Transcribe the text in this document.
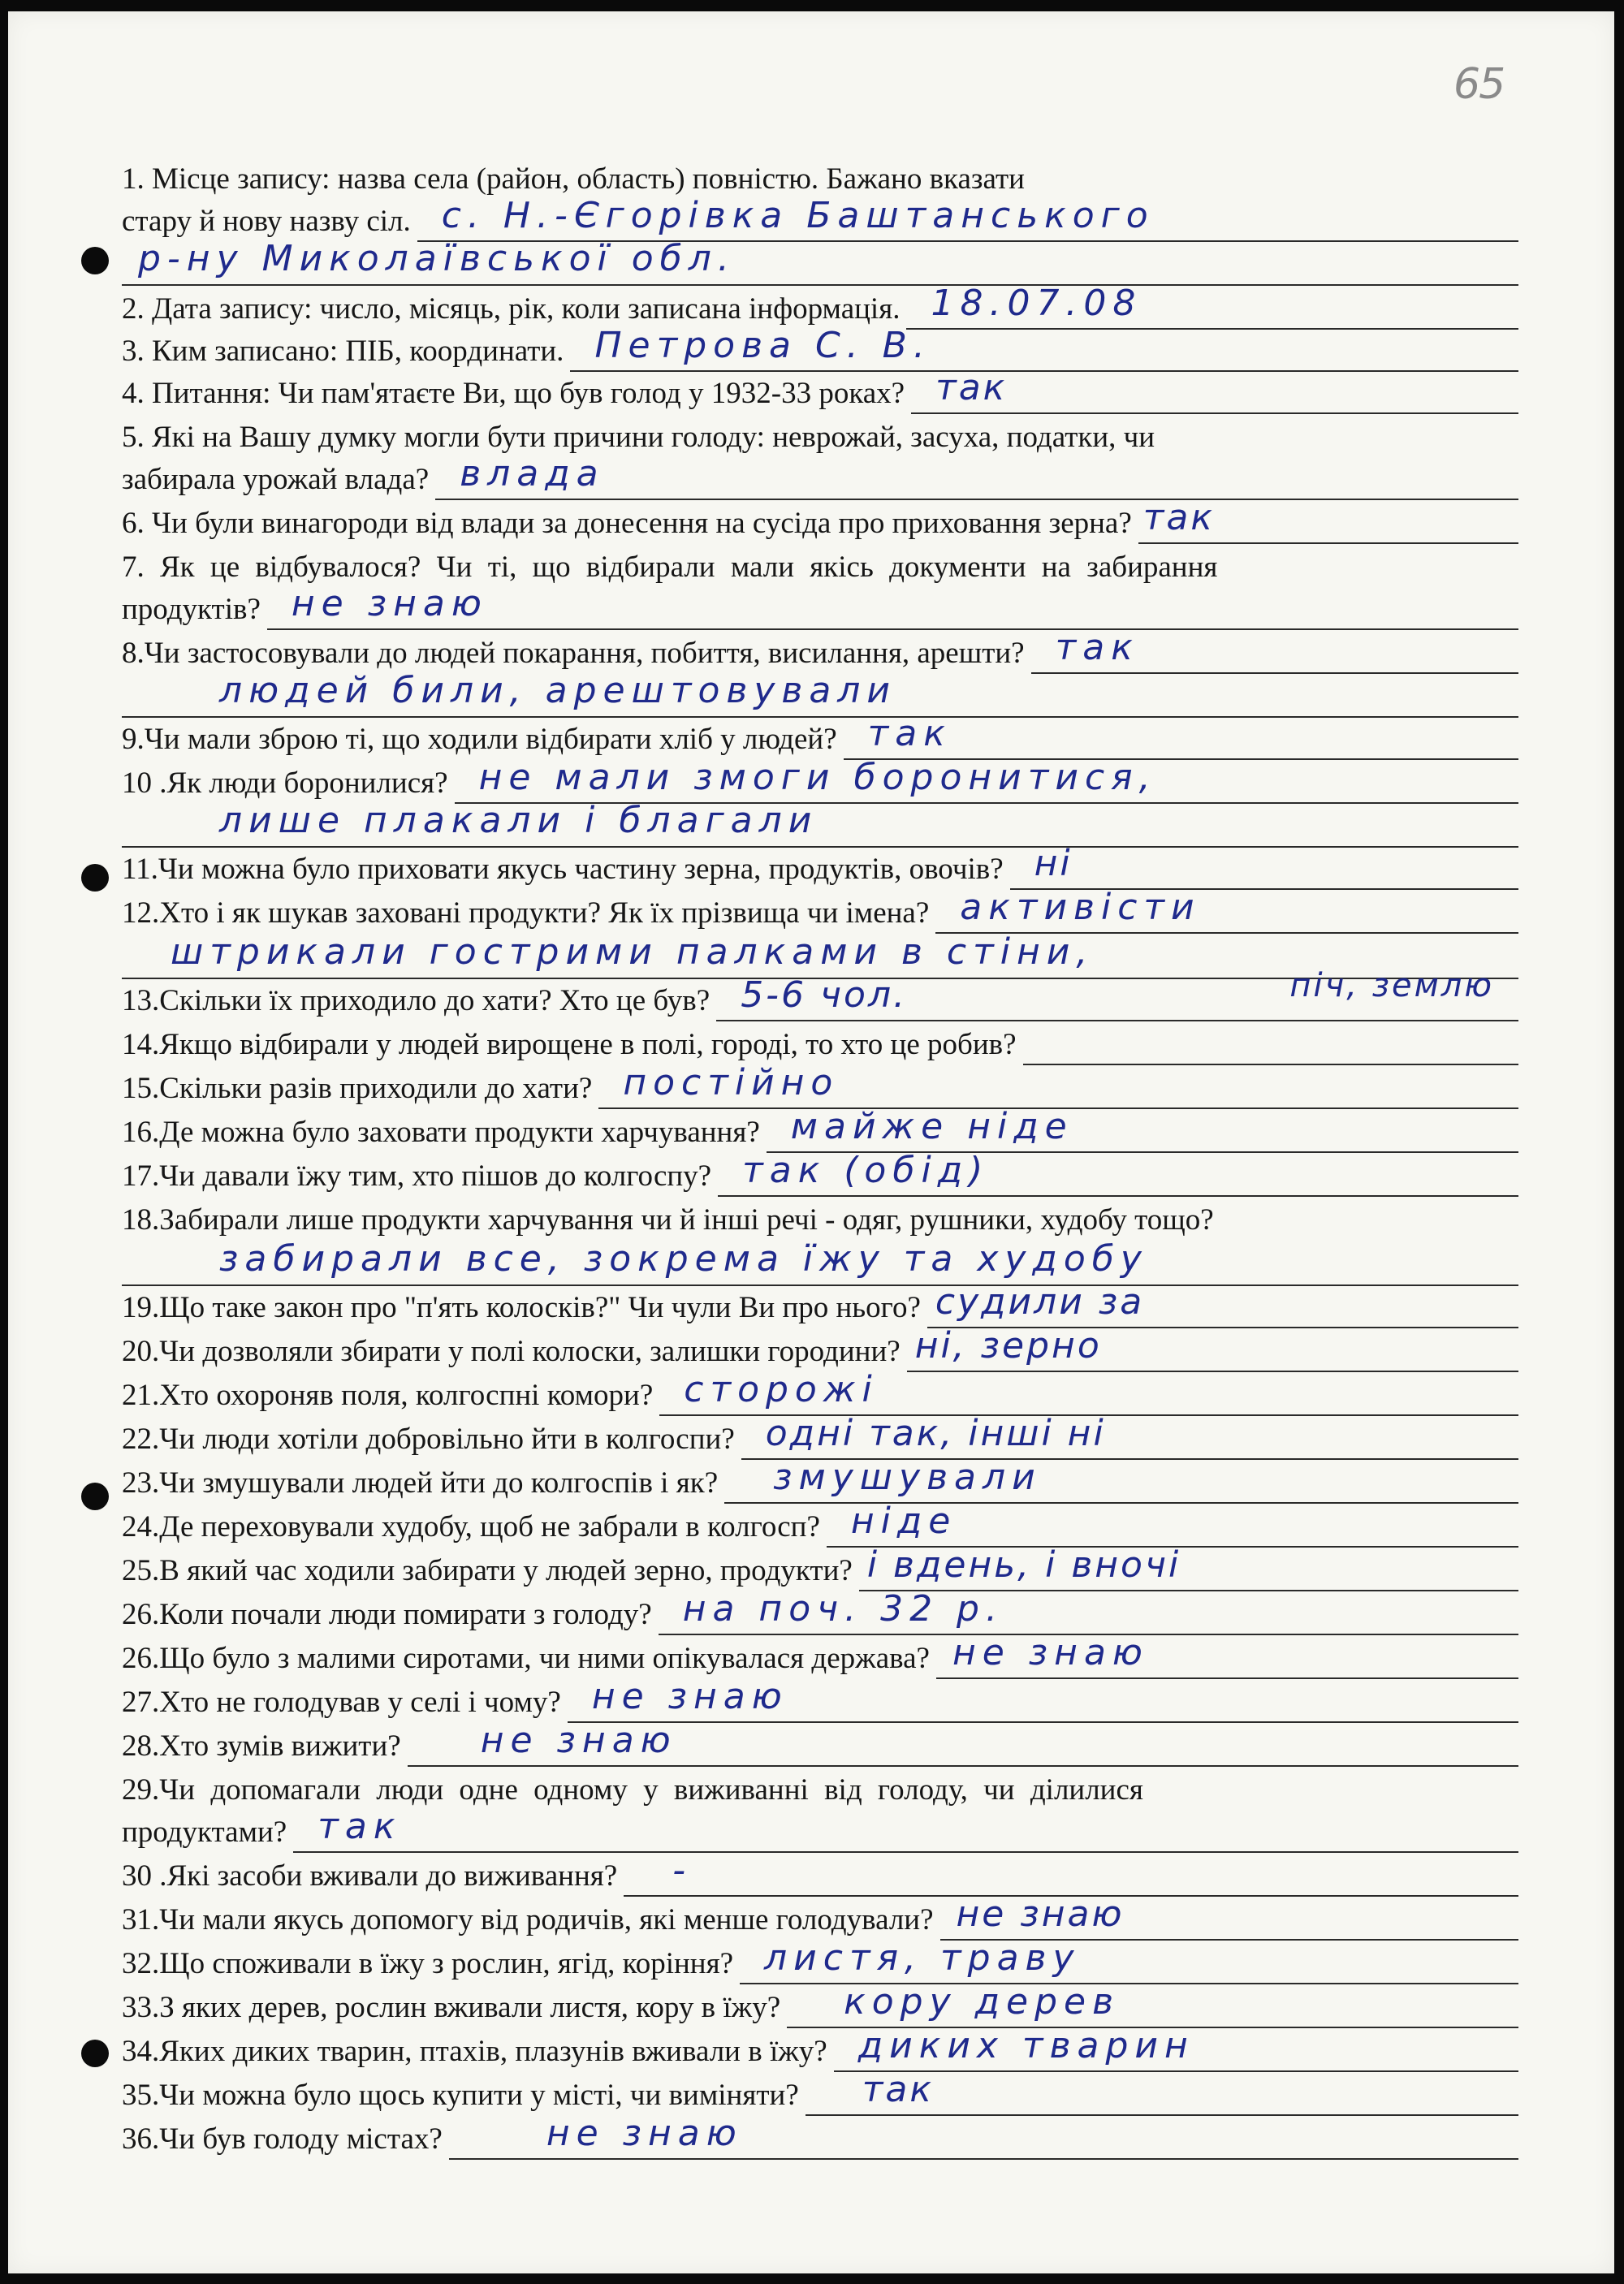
65
1. Місце запису: назва села (район, область) повністю. Бажано вказати
стару й нову назву сіл. с. Н.-Єгорівка Баштанського
р-ну Миколаївської обл.
2. Дата запису: число, місяць, рік, коли записана інформація. 18.07.08
3. Ким записано: ПІБ, координати. Петрова С. В.
4. Питання: Чи пам'ятаєте Ви, що був голод у 1932-33 роках? так
5. Які на Вашу думку могли бути причини голоду: неврожай, засуха, податки, чи
забирала урожай влада? влада
6. Чи були винагороди від влади за донесення на сусіда про приховання зерна? так
7. Як це відбувалося? Чи ті, що відбирали мали якісь документи на забирання
продуктів? не знаю
8.Чи застосовували до людей покарання, побиття, висилання, арешти? так
людей били, арештовували
9.Чи мали зброю ті, що ходили відбирати хліб у людей? так
10 .Як люди боронилися? не мали змоги боронитися,
лише плакали і благали
11.Чи можна було приховати якусь частину зерна, продуктів, овочів? ні
12.Хто і як шукав заховані продукти? Як їх прізвища чи імена? активісти
штрикали гострими палками в стіни,
13.Скільки їх приходило до хати? Хто це був? 5-6 чол.	піч, землю
14.Якщо відбирали у людей вирощене в полі, городі, то хто це робив?
15.Скільки разів приходили до хати? постійно
16.Де можна було заховати продукти харчування? майже ніде
17.Чи давали їжу тим, хто пішов до колгоспу? так (обід)
18.Забирали лише продукти харчування чи й інші речі - одяг, рушники, худобу тощо?
забирали все, зокрема їжу та худобу
19.Що таке закон про "п'ять колосків?" Чи чули Ви про нього? судили за
20.Чи дозволяли збирати у полі колоски, залишки городини? ні, зерно
21.Хто охороняв поля, колгоспні комори? сторожі
22.Чи люди хотіли добровільно йти в колгоспи? одні так, інші ні
23.Чи змушували людей йти до колгоспів і як? змушували
24.Де переховували худобу, щоб не забрали в колгосп? ніде
25.В який час ходили забирати у людей зерно, продукти? і вдень, і вночі
26.Коли почали люди помирати з голоду? на поч. 32 р.
26.Що було з малими сиротами, чи ними опікувалася держава? не знаю
27.Хто не голодував у селі і чому? не знаю
28.Хто зумів вижити? не знаю
29.Чи допомагали люди одне одному у виживанні від голоду, чи ділилися
продуктами? так
30 .Які засоби вживали до виживання? -
31.Чи мали якусь допомогу від родичів, які менше голодували? не знаю
32.Що споживали в їжу з рослин, ягід, коріння? листя, траву
33.З яких дерев, рослин вживали листя, кору в їжу? кору дерев
34.Яких диких тварин, птахів, плазунів вживали в їжу? диких тварин
35.Чи можна було щось купити у місті, чи виміняти? так
36.Чи був голоду містах?	не знаю
